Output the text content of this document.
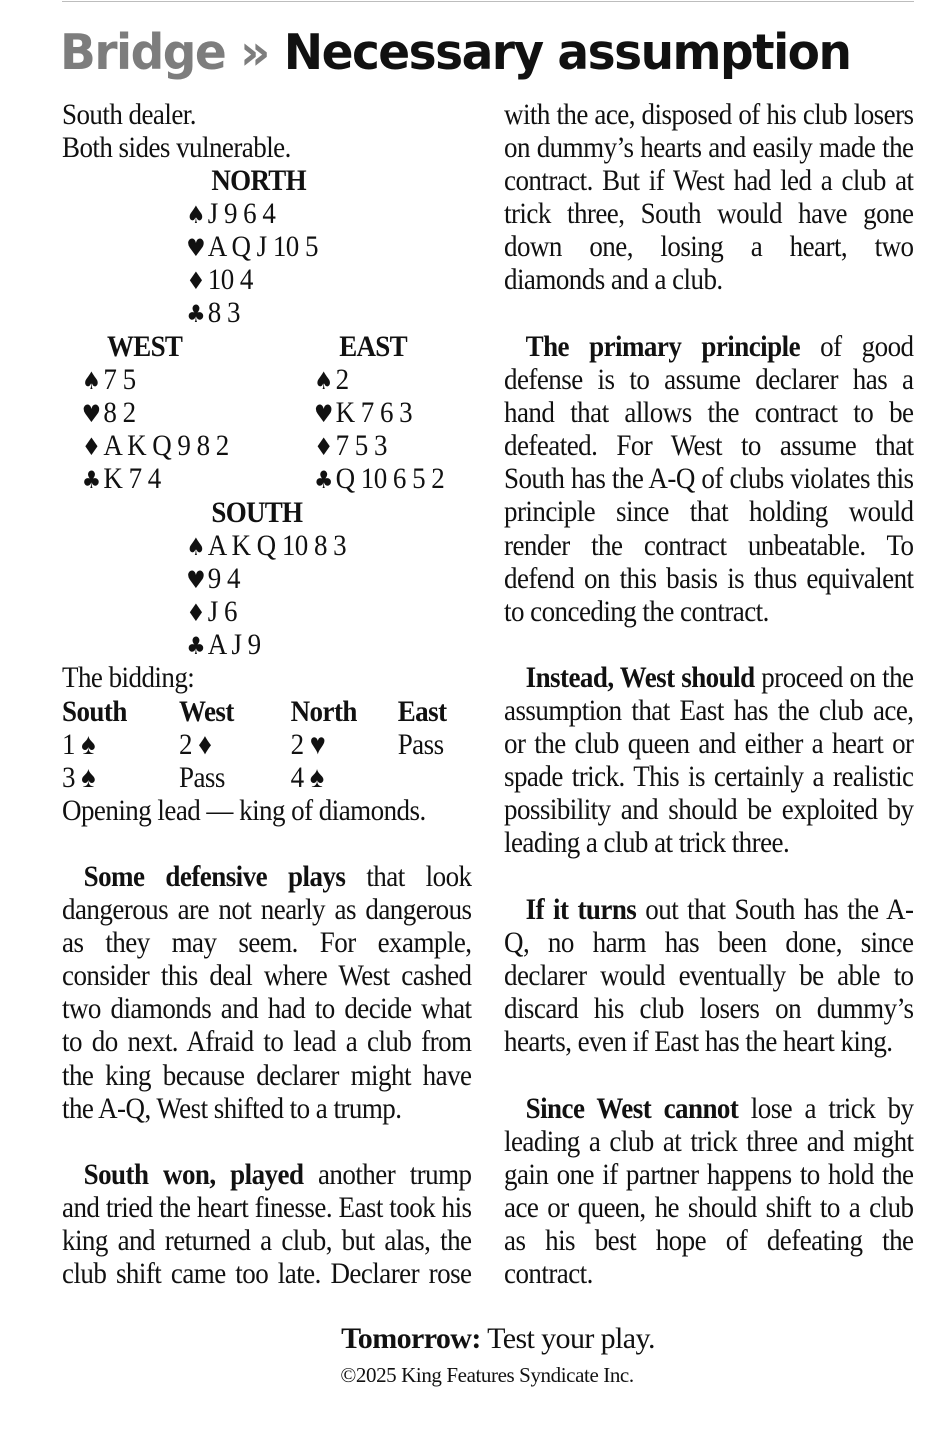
Bridge » Necessary assumption
South dealer.
Both sides vulnerable.
NORTH
♠J 9 6 4
♥A Q J 10 5
♦10 4
♣8 3
WEST
♠7 5
♥8 2
♦A K Q 9 8 2
♣K 7 4
EAST
♠2
♥K 7 6 3
♦7 5 3
♣Q 10 6 5 2
SOUTH
♠A K Q 10 8 3
♥9 4
♦J 6
♣A J 9
The bidding:
South West North East
1 ♠	2 ♦	2 ♥ Pass
3 ♠	Pass 4 ♠
Opening lead — king of diamonds.

Some defensive plays that look dangerous are not nearly as dangerous as they may seem. For example, consider this deal where West cashed two diamonds and had to decide what to do next. Afraid to lead a club from the king because declarer might have the A-Q, West shifted to a trump.

South won, played another trump and tried the heart finesse. East took his king and returned a club, but alas, the club shift came too late. Declarer rose

The primary principle of good defense is to assume declarer has a hand that allows the contract to be defeated. For West to assume that South has the A-Q of clubs violates this principle since that holding would render the contract unbeatable. To defend on this basis is thus equivalent to conceding the contract.

Instead, West should proceed on the assumption that East has the club ace, or the club queen and either a heart or spade trick. This is certainly a realistic possibility and should be exploited by leading a club at trick three.

If it turns out that South has the A-Q, no harm has been done, since declarer would eventually be able to discard his club losers on dummy’s hearts, even if East has the heart king.

Since West cannot lose a trick by leading a club at trick three and might gain one if partner happens to hold the ace or queen, he should shift to a club as his best hope of defeating the contract.

with the ace, disposed of his club losers on dummy’s hearts and easily made the contract. But if West had led a club at trick three, South would have gone down one, losing a heart, two diamonds and a club.

Tomorrow: Test your play.
©2025 King Features Syndicate Inc.
